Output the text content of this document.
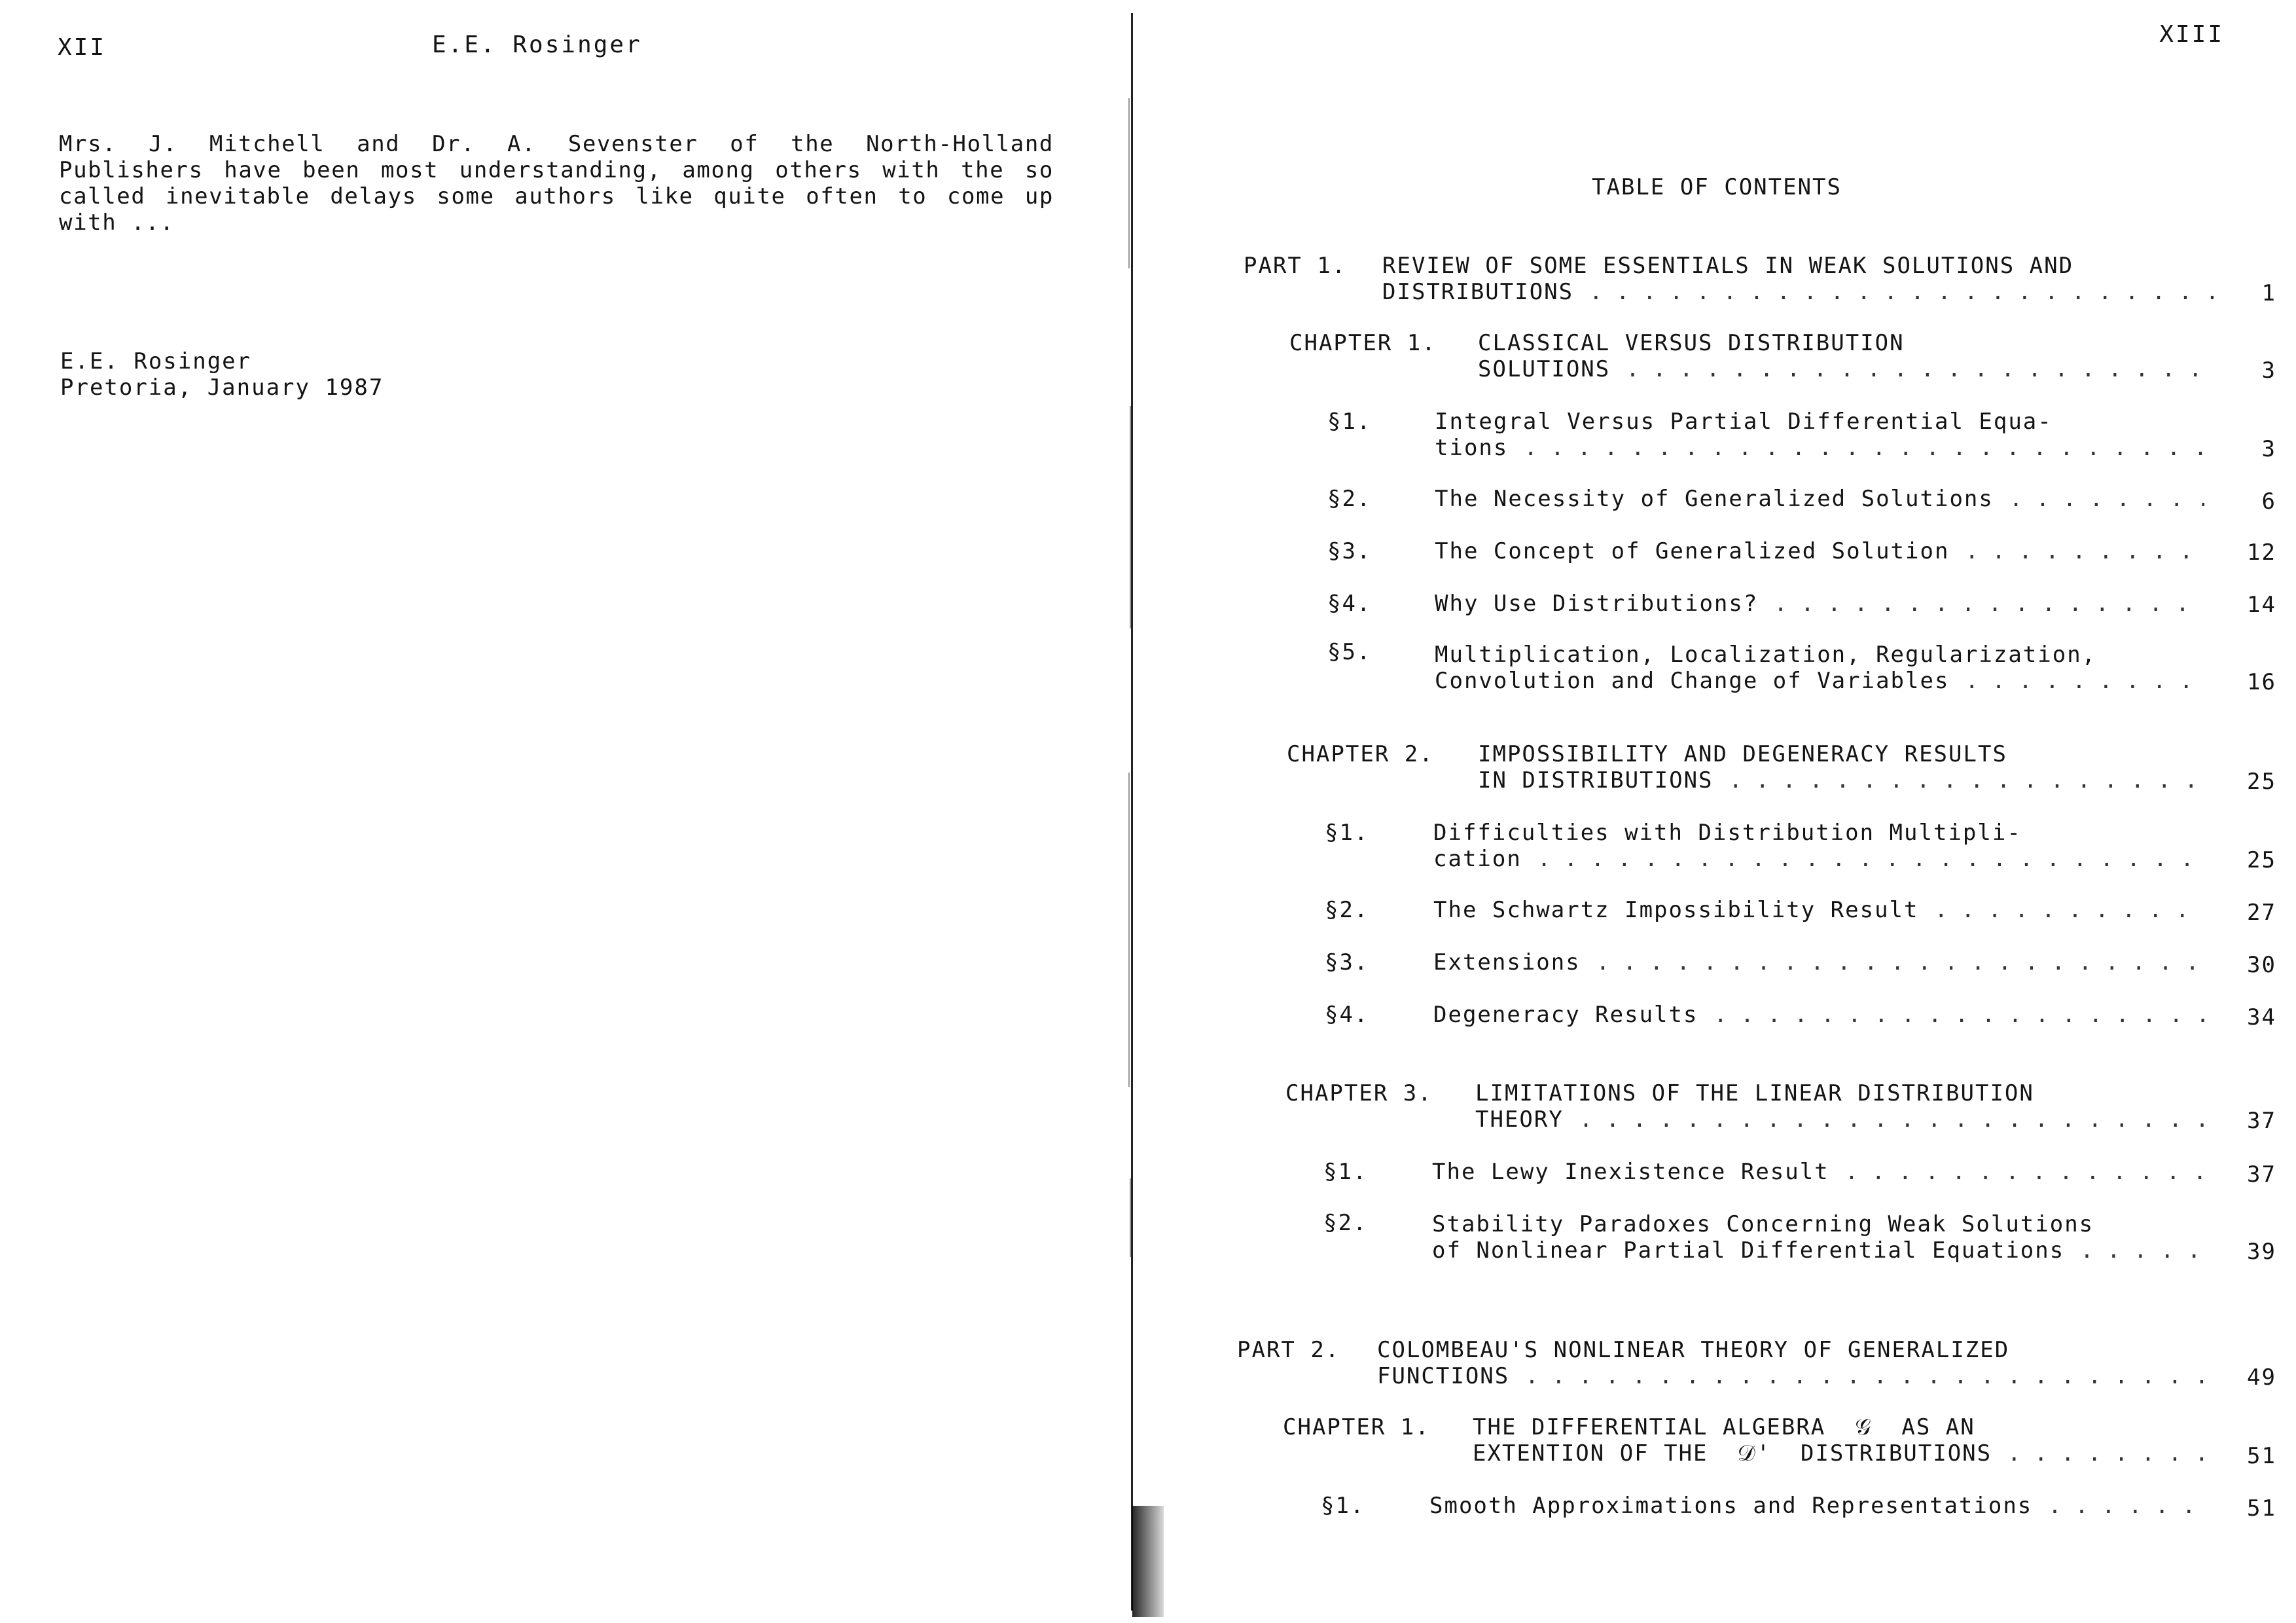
XII	E.E. Rosinger
Mrs. J. Mitchell and Dr. A. Sevenster of the North-Holland Publishers have been most understanding, among others with the so called inevitable delays some authors like quite often to come up with ...
E.E. Rosinger
Pretoria, January 1987
XIII
TABLE OF CONTENTS
PART 1. REVIEW OF SOME ESSENTIALS IN WEAK SOLUTIONS AND
DISTRIBUTIONS . . .	1
CHAPTER 1. CLASSICAL VERSUS DISTRIBUTION
SOLUTIONS . . .	3
§1.	Integral Versus Partial Differential Equa-
tions . . .	3
§2.	The Necessity of Generalized Solutions . . .	6
§3.	The Concept of Generalized Solution . . .	12
§4.	Why Use Distributions? . . .	14
§5.	Multiplication, Localization, Regularization,
Convolution and Change of Variables . . .	16
CHAPTER 2. IMPOSSIBILITY AND DEGENERACY RESULTS
IN DISTRIBUTIONS . . .	25
§1.	Difficulties with Distribution Multipli-
cation . . .	25
§2.	The Schwartz Impossibility Result . . .	27
§3.	Extensions . . .	30
§4.	Degeneracy Results . . .	34
CHAPTER 3. LIMITATIONS OF THE LINEAR DISTRIBUTION
THEORY . . .	37
§1.	The Lewy Inexistence Result . . .	37
§2.	Stability Paradoxes Concerning Weak Solutions
of Nonlinear Partial Differential Equations . . .	39
PART 2. COLOMBEAU'S NONLINEAR THEORY OF GENERALIZED
FUNCTIONS . . .	49
CHAPTER 1. THE DIFFERENTIAL ALGEBRA  𝒢  AS AN
EXTENTION OF THE  𝒟'  DISTRIBUTIONS . . .	51
§1.	Smooth Approximations and Representations . . .	51
